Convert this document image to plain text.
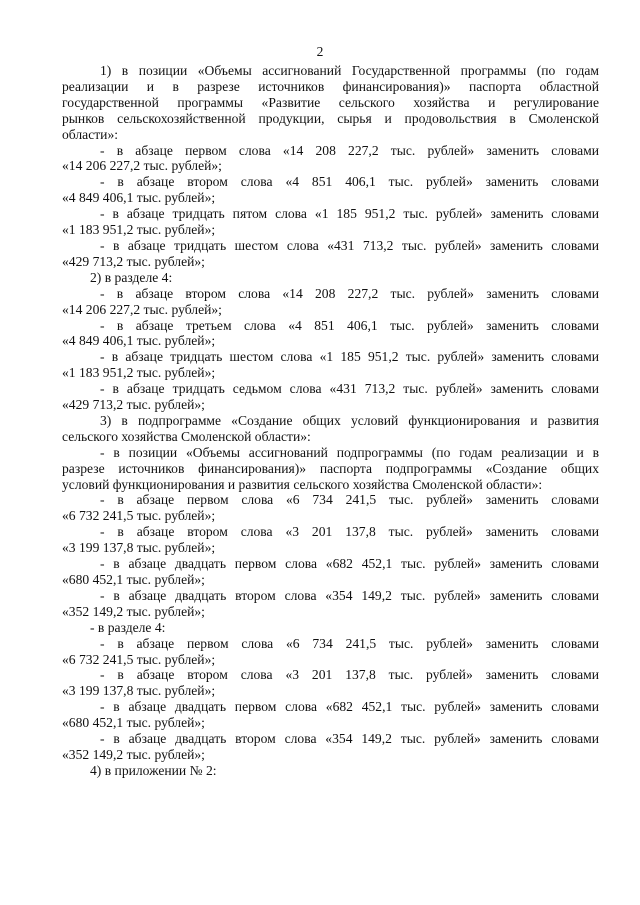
2

1) в позиции «Объемы ассигнований Государственной программы (по годам
реализации и в разрезе источников финансирования)» паспорта областной
государственной программы «Развитие сельского хозяйства и регулирование
рынков сельскохозяйственной продукции, сырья и продовольствия в Смоленской
области»:

- в абзаце первом слова «14 208 227,2 тыс. рублей» заменить словами
«14 206 227,2 тыс. рублей»;

- в абзаце втором слова «4 851 406,1 тыс. рублей» заменить словами
«4 849 406,1 тыс. рублей»;

- в абзаце тридцать пятом слова «1 185 951,2 тыс. рублей» заменить словами
«1 183 951,2 тыс. рублей»;

- в абзаце тридцать шестом слова «431 713,2 тыс. рублей» заменить словами
«429 713,2 тыс. рублей»;

2) в разделе 4:

- в абзаце втором слова «14 208 227,2 тыс. рублей» заменить словами
«14 206 227,2 тыс. рублей»;

- в абзаце третьем слова «4 851 406,1 тыс. рублей» заменить словами
«4 849 406,1 тыс. рублей»;

- в абзаце тридцать шестом слова «1 185 951,2 тыс. рублей» заменить словами
«1 183 951,2 тыс. рублей»;

- в абзаце тридцать седьмом слова «431 713,2 тыс. рублей» заменить словами
«429 713,2 тыс. рублей»;

3) в подпрограмме «Создание общих условий функционирования и развития
сельского хозяйства Смоленской области»:

- в позиции «Объемы ассигнований подпрограммы (по годам реализации и в
разрезе источников финансирования)» паспорта подпрограммы «Создание общих
условий функционирования и развития сельского хозяйства Смоленской области»:

- в абзаце первом слова «6 734 241,5 тыс. рублей» заменить словами
«6 732 241,5 тыс. рублей»;

- в абзаце втором слова «3 201 137,8 тыс. рублей» заменить словами
«3 199 137,8 тыс. рублей»;

- в абзаце двадцать первом слова «682 452,1 тыс. рублей» заменить словами
«680 452,1 тыс. рублей»;

- в абзаце двадцать втором слова «354 149,2 тыс. рублей» заменить словами
«352 149,2 тыс. рублей»;

- в разделе 4:

- в абзаце первом слова «6 734 241,5 тыс. рублей» заменить словами
«6 732 241,5 тыс. рублей»;

- в абзаце втором слова «3 201 137,8 тыс. рублей» заменить словами
«3 199 137,8 тыс. рублей»;

- в абзаце двадцать первом слова «682 452,1 тыс. рублей» заменить словами
«680 452,1 тыс. рублей»;

- в абзаце двадцать втором слова «354 149,2 тыс. рублей» заменить словами
«352 149,2 тыс. рублей»;

4) в приложении № 2:
